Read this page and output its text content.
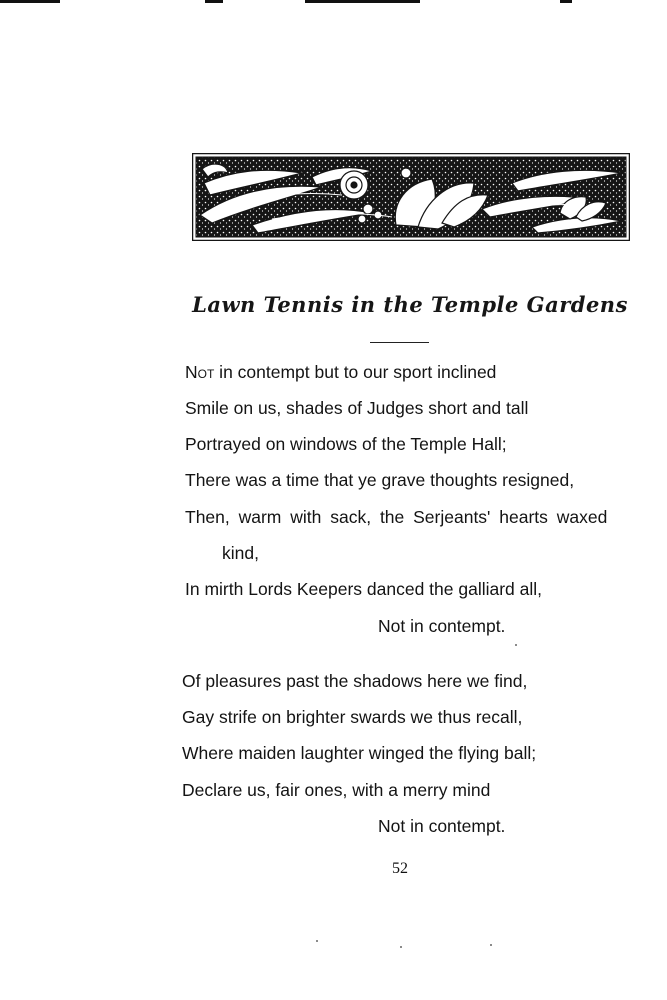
Lawn Tennis in the Temple Gardens
Not in contempt but to our sport inclined
Smile on us, shades of Judges short and tall
Portrayed on windows of the Temple Hall;
There was a time that ye grave thoughts resigned,
Then, warm with sack, the Serjeants' hearts waxed
kind,
In mirth Lords Keepers danced the galliard all,
Not in contempt.
Of pleasures past the shadows here we find,
Gay strife on brighter swards we thus recall,
Where maiden laughter winged the flying ball;
Declare us, fair ones, with a merry mind
Not in contempt.
52
